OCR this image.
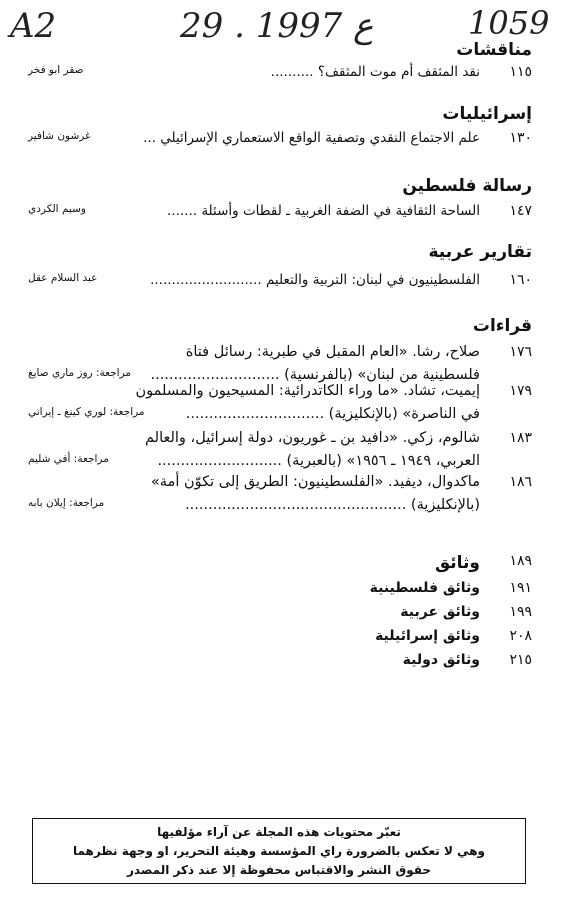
A2	29 . ع 1997	1059
مناقشات
١١٥
نقد المثقف أم موت المثقف؟ ..........
صقر ابو فخر
إسرائيليات
١٣٠
علم الاجتماع النقدي وتصفية الواقع الاستعماري الإسرائيلي ...
غرشون شافير
رسالة فلسطين
١٤٧
الساحة الثقافية في الضفة الغربية ـ لقطات وأسئلة .......
وسيم الكردي
تقارير عربية
١٦٠
الفلسطينيون في لبنان: التربية والتعليم ..........................
عبد السلام عقل
قراءات
١٧٦
صلاح، رشا. «العام المقبل في طبرية: رسائل فتاة
فلسطينية من لبنان» (بالفرنسية) ............................
مراجعة: روز ماري صايغ
١٧٩
إيميت، تشاد. «ما وراء الكاتدرائية: المسيحيون والمسلمون
في الناصرة» (بالإنكليزية) ..............................
مراجعة: لوري كينغ ـ إيراني
١٨٣
شالوم، زكي. «دافيد بن ـ غوريون، دولة إسرائيل، والعالم
العربي، ١٩٤٩ ـ ١٩٥٦» (بالعبرية) ...........................
مراجعة: أفي شليم
١٨٦
ماكدوال، ديفيد. «الفلسطينيون: الطريق إلى تكوّن أمة»
(بالإنكليزية) ................................................
مراجعة: إيلان بابه
١٨٩
وثائق
١٩١
وثائق فلسطينية
١٩٩
وثائق عربية
٢٠٨
وثائق إسرائيلية
٢١٥
وثائق دولية
تعبّر محتويات هذه المجلة عن آراء مؤلفيها
وهي لا تعكس بالضرورة راي المؤسسة وهيئة التحرير، او وجهة نظرهما
حقوق النشر والاقتباس محفوظة إلا عند ذكر المصدر
